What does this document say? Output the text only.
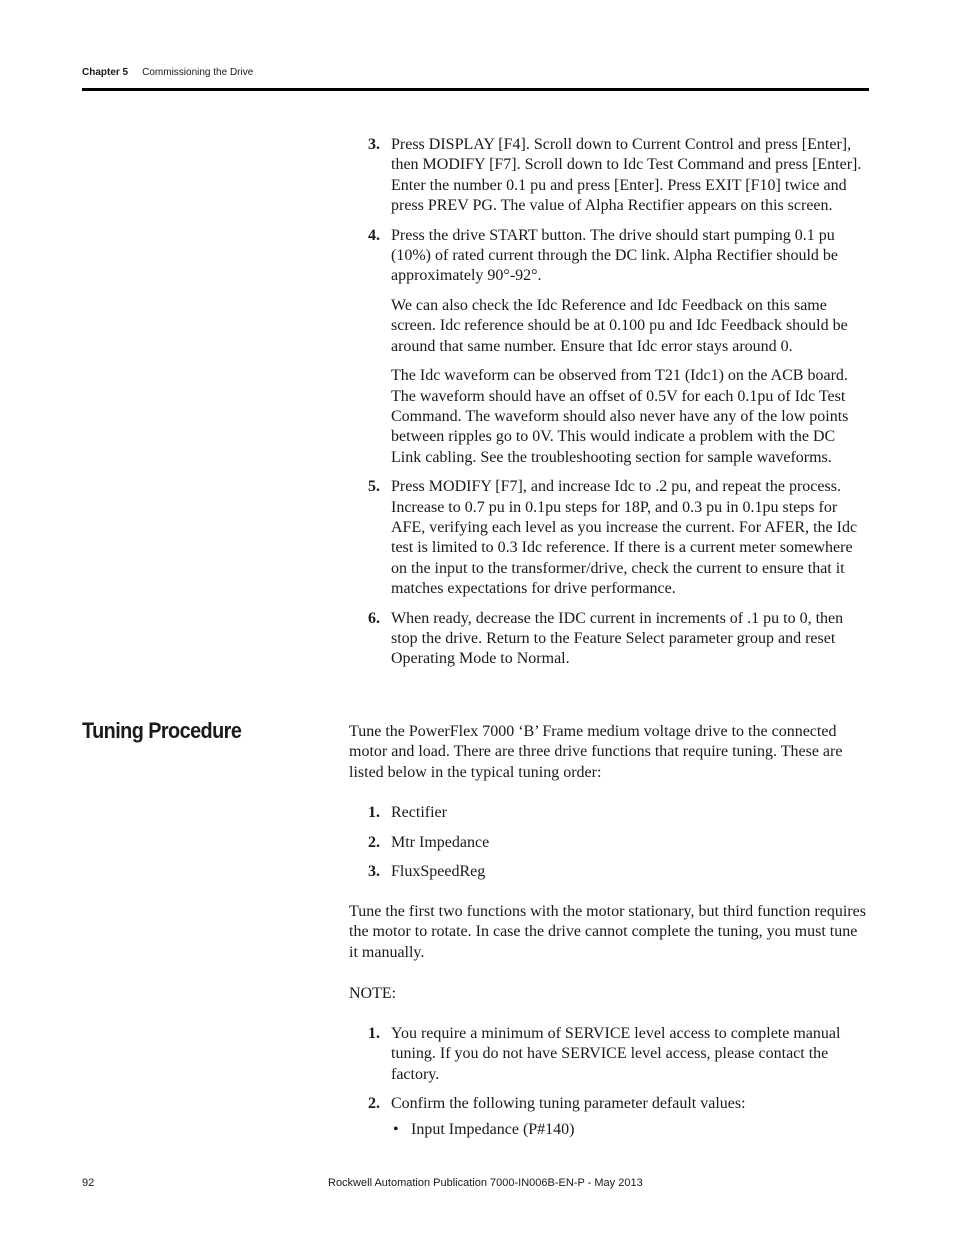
Chapter 5 Commissioning the Drive
3. Press DISPLAY [F4]. Scroll down to Current Control and press [Enter], then MODIFY [F7]. Scroll down to Idc Test Command and press [Enter]. Enter the number 0.1 pu and press [Enter]. Press EXIT [F10] twice and press PREV PG. The value of Alpha Rectifier appears on this screen.

4. Press the drive START button. The drive should start pumping 0.1 pu (10%) of rated current through the DC link. Alpha Rectifier should be approximately 90°-92°.

We can also check the Idc Reference and Idc Feedback on this same screen. Idc reference should be at 0.100 pu and Idc Feedback should be around that same number. Ensure that Idc error stays around 0.

The Idc waveform can be observed from T21 (Idc1) on the ACB board. The waveform should have an offset of 0.5V for each 0.1pu of Idc Test Command. The waveform should also never have any of the low points between ripples go to 0V. This would indicate a problem with the DC Link cabling. See the troubleshooting section for sample waveforms.

5. Press MODIFY [F7], and increase Idc to .2 pu, and repeat the process. Increase to 0.7 pu in 0.1pu steps for 18P, and 0.3 pu in 0.1pu steps for AFE, verifying each level as you increase the current. For AFER, the Idc test is limited to 0.3 Idc reference. If there is a current meter somewhere on the input to the transformer/drive, check the current to ensure that it matches expectations for drive performance.

6. When ready, decrease the IDC current in increments of .1 pu to 0, then stop the drive. Return to the Feature Select parameter group and reset Operating Mode to Normal.

Tuning Procedure	Tune the PowerFlex 7000 ‘B’ Frame medium voltage drive to the connected motor and load. There are three drive functions that require tuning. These are listed below in the typical tuning order:

1. Rectifier

2. Mtr Impedance

3. FluxSpeedReg

Tune the first two functions with the motor stationary, but third function requires the motor to rotate. In case the drive cannot complete the tuning, you must tune it manually.

NOTE:

1. You require a minimum of SERVICE level access to complete manual tuning. If you do not have SERVICE level access, please contact the factory.

2. Confirm the following tuning parameter default values:

• Input Impedance (P#140)
92	Rockwell Automation Publication 7000-IN006B-EN-P - May 2013
